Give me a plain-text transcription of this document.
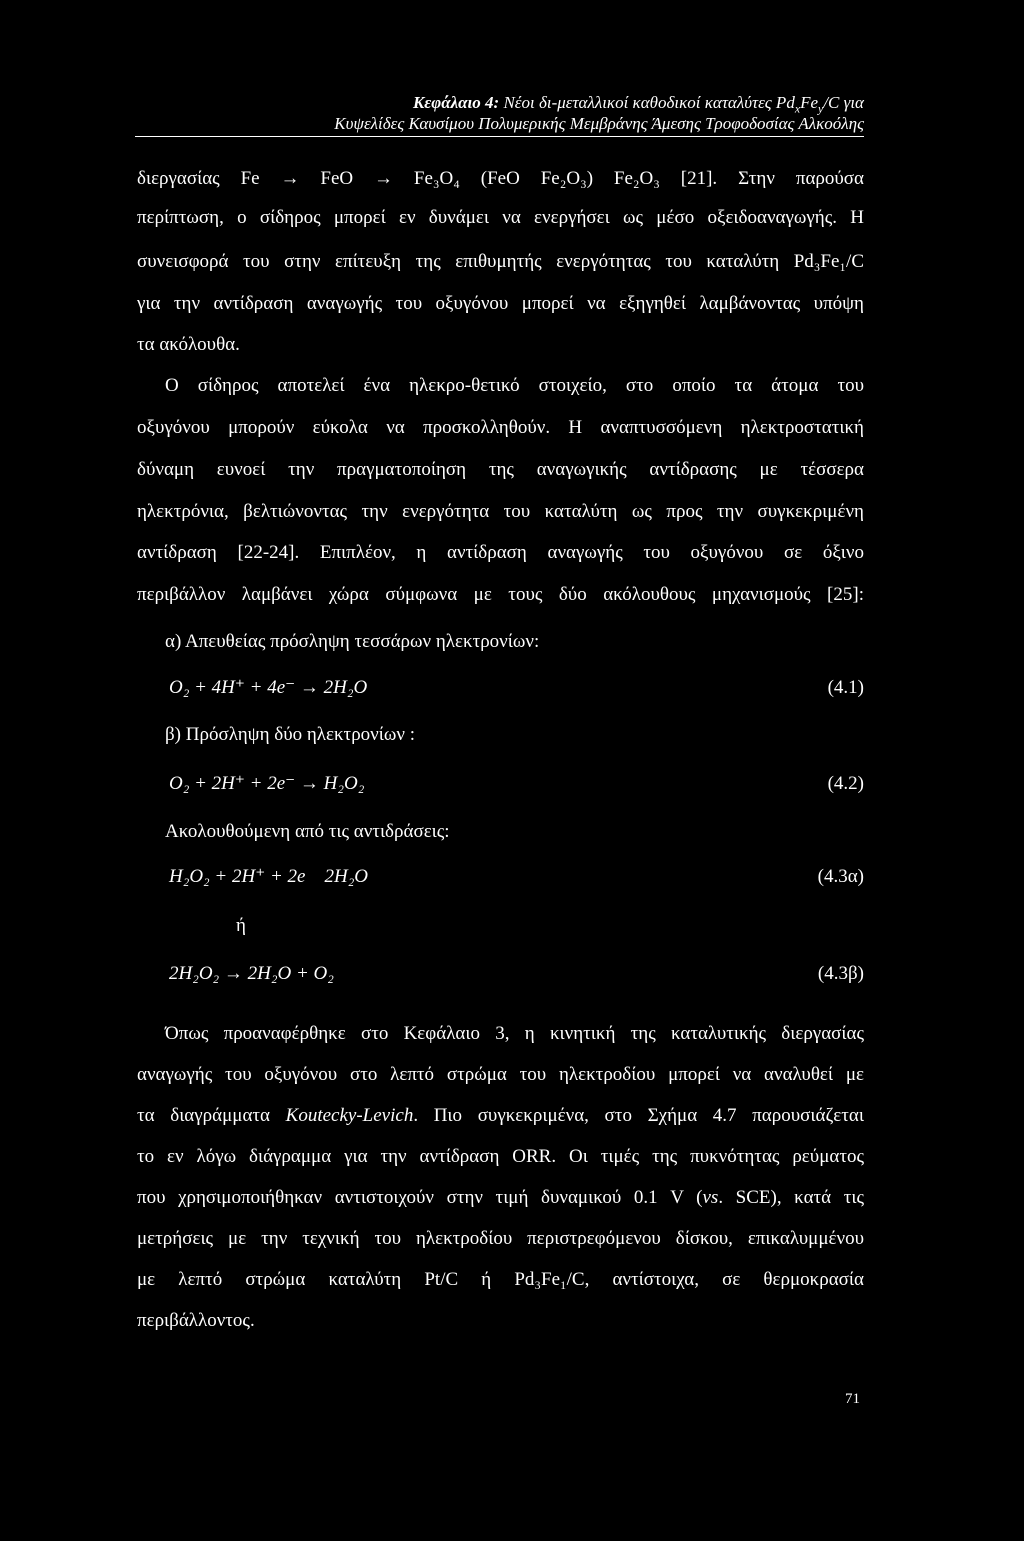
Κεφάλαιο 4: Νέοι δι-μεταλλικοί καθοδικοί καταλύτες $Pd_xFe_y/C$ για
Κυψελίδες Καυσίμου Πολυμερικής Μεμβράνης Άμεσης Τροφοδοσίας Αλκοόλης
διεργασίας Fe → FeO → Fe₃O₄ (FeO Fe₂O₃) Fe₂O₃ [21]. Στην παρούσα
περίπτωση, ο σίδηρος μπορεί εν δυνάμει να ενεργήσει ως μέσο οξειδοαναγωγής. Η
συνεισφορά του στην επίτευξη της επιθυμητής ενεργότητας του καταλύτη Pd₃Fe₁/C
για την αντίδραση αναγωγής του οξυγόνου μπορεί να εξηγηθεί λαμβάνοντας υπόψη
τα ακόλουθα.
Ο σίδηρος αποτελεί ένα ηλεκρο-θετικό στοιχείο, στο οποίο τα άτομα του
οξυγόνου μπορούν εύκολα να προσκολληθούν. Η αναπτυσσόμενη ηλεκτροστατική
δύναμη ευνοεί την πραγματοποίηση της αναγωγικής αντίδρασης με τέσσερα
ηλεκτρόνια, βελτιώνοντας την ενεργότητα του καταλύτη ως προς την συγκεκριμένη
αντίδραση [22-24]. Επιπλέον, η αντίδραση αναγωγής του οξυγόνου σε όξινο
περιβάλλον λαμβάνει χώρα σύμφωνα με τους δύο ακόλουθους μηχανισμούς [25]:
α) Απευθείας πρόσληψη τεσσάρων ηλεκτρονίων:
O₂ + 4H⁺ + 4e⁻ → 2H₂O	(4.1)
β) Πρόσληψη δύο ηλεκτρονίων :
O₂ + 2H⁺ + 2e⁻ → H₂O₂	(4.2)
Ακολουθούμενη από τις αντιδράσεις:
H₂O₂ + 2H⁺ + 2e    2H₂O	(4.3α)
ή
2H₂O₂ → 2H₂O + O₂	(4.3β)
Όπως προαναφέρθηκε στο Κεφάλαιο 3, η κινητική της καταλυτικής διεργασίας
αναγωγής του οξυγόνου στο λεπτό στρώμα του ηλεκτροδίου μπορεί να αναλυθεί με
τα διαγράμματα Koutecky-Levich. Πιο συγκεκριμένα, στο Σχήμα 4.7 παρουσιάζεται
το εν λόγω διάγραμμα για την αντίδραση ORR. Οι τιμές της πυκνότητας ρεύματος
που χρησιμοποιήθηκαν αντιστοιχούν στην τιμή δυναμικού 0.1 V (vs. SCE), κατά τις
μετρήσεις με την τεχνική του ηλεκτροδίου περιστρεφόμενου δίσκου, επικαλυμμένου
με λεπτό στρώμα καταλύτη Pt/C ή Pd₃Fe₁/C, αντίστοιχα, σε θερμοκρασία
περιβάλλοντος.
71
